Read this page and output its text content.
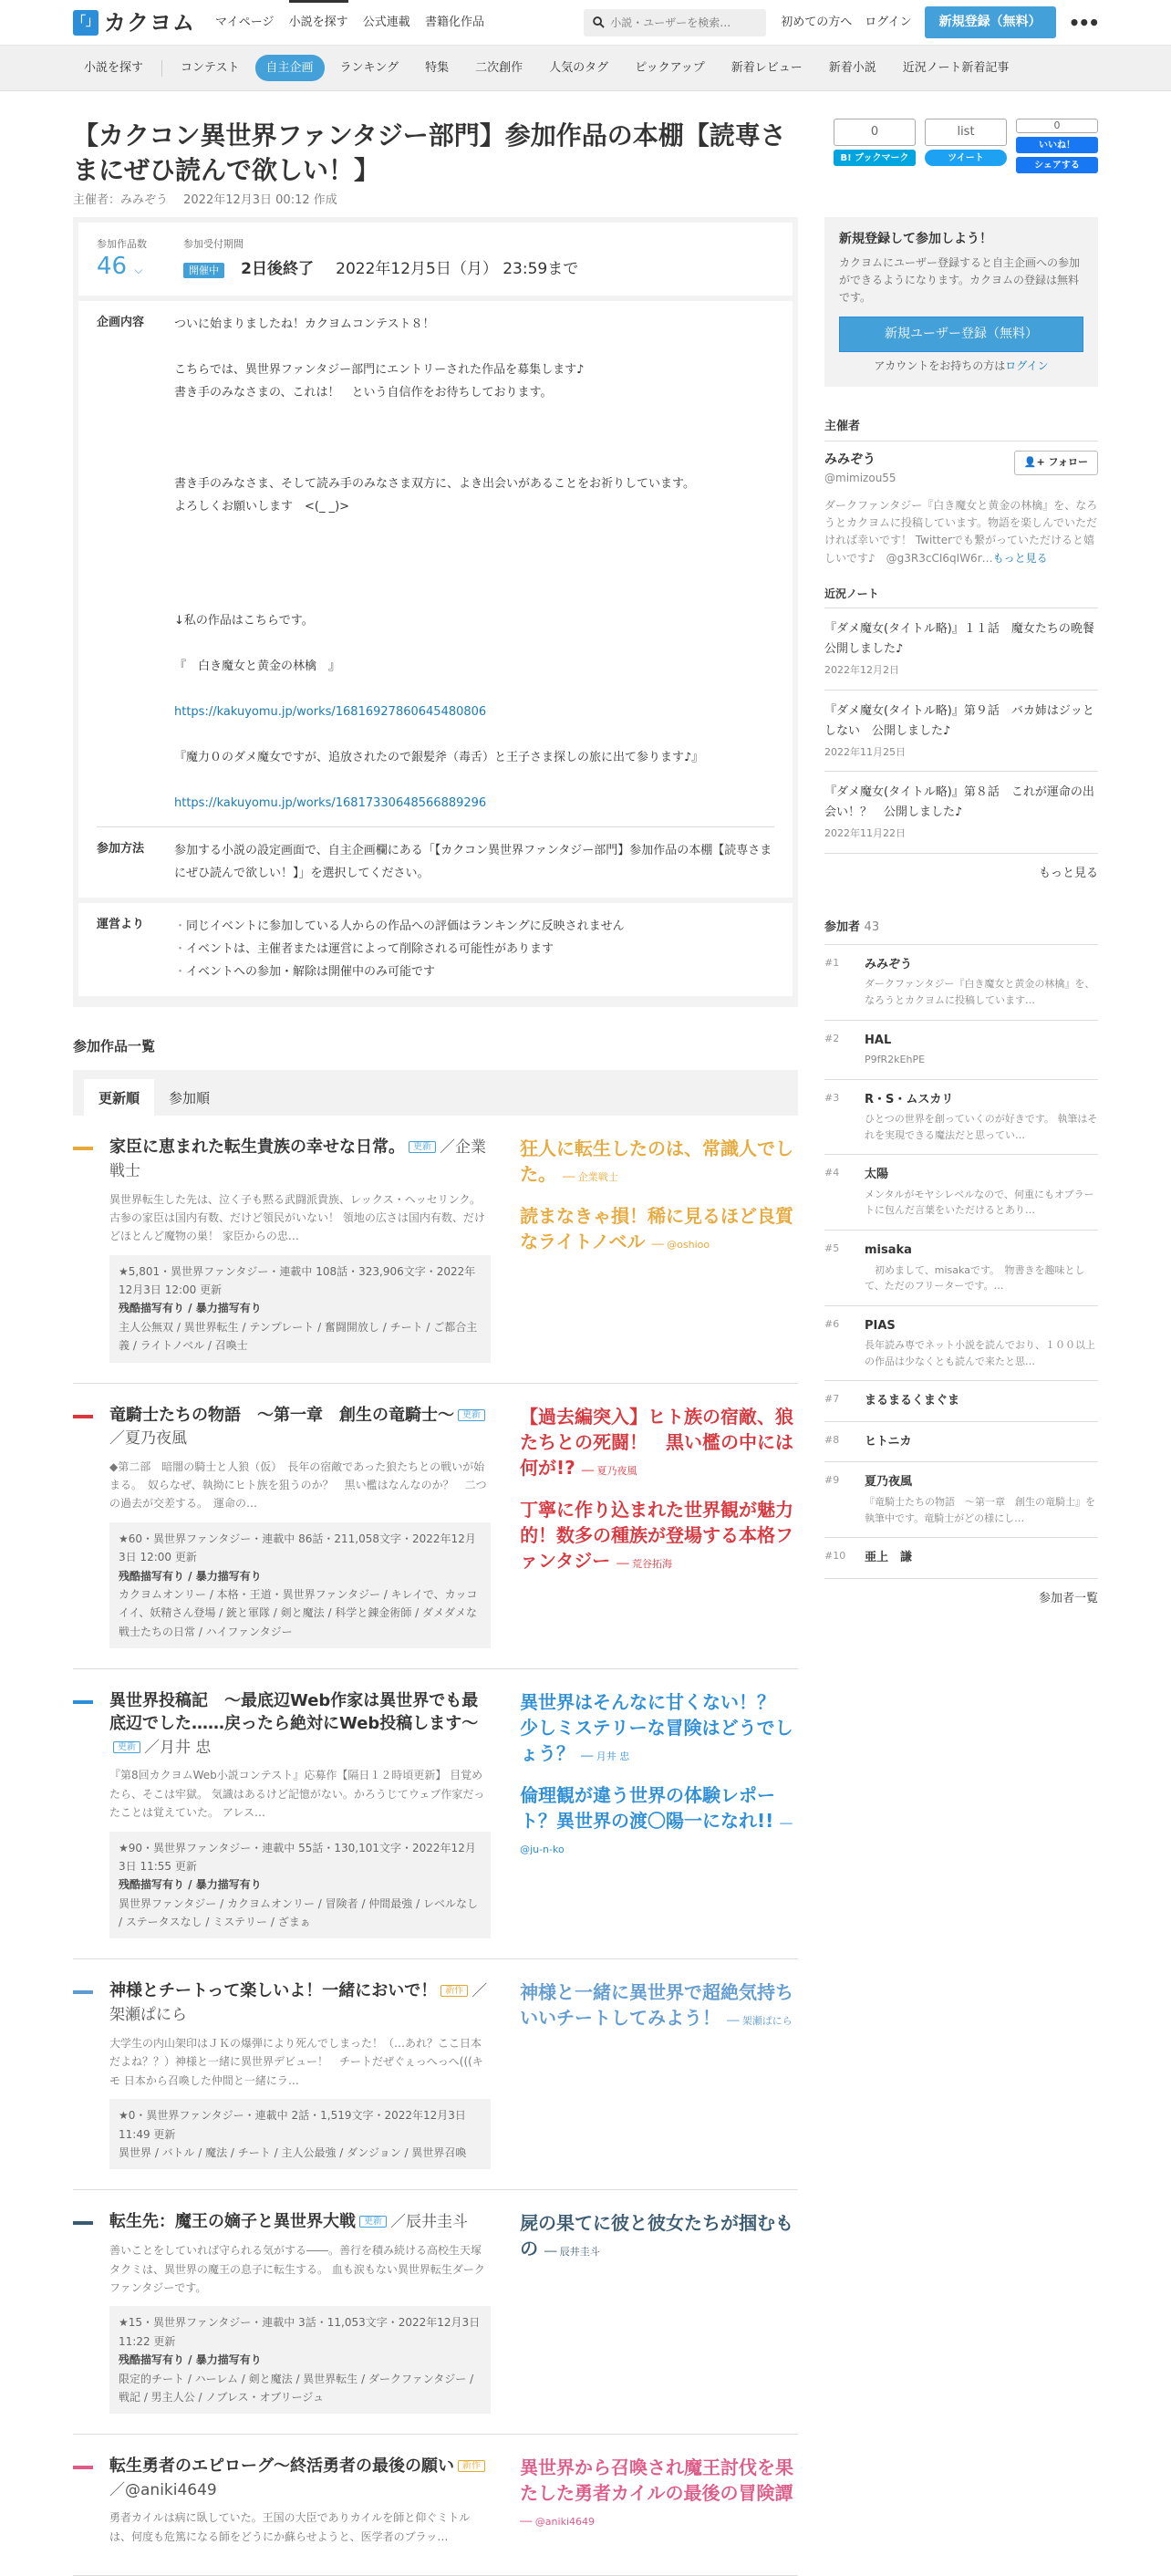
「」 カクヨム マイページ 小説を探す 公式連載 書籍化作品
小説・ユーザーを検索…	初めての方へ ログイン	新規登録（無料）	•••
小説を探す	コンテスト	自主企画	ランキング	特集	二次創作	人気のタグ	ピックアップ	新着レビュー	新着小説	近況ノート新着記事
【カクコン異世界ファンタジー部門】参加作品の本棚【読専さまにぜひ読んで欲しい！】
主催者：みみぞう　 2022年12月3日 00:12 作成
0
B! ブックマーク
list
ツイート
0
いいね！
シェアする
参加作品数
46 ⌵
参加受付期間
開催中 2日後終了 2022年12月5日（月） 23:59まで
企画内容	ついに始まりましたね！カクヨムコンテスト８！

こちらでは、異世界ファンタジー部門にエントリーされた作品を募集します♪

書き手のみなさまの、これは！　という自信作をお待ちしております。

書き手のみなさま、そして読み手のみなさま双方に、よき出会いがあることをお祈りしています。

よろしくお願いします　<(_ _)>

↓私の作品はこちらです。

『　白き魔女と黄金の林檎　』

https://kakuyomu.jp/works/16816927860645480806

『魔力０のダメ魔女ですが、追放されたので銀髪斧（毒舌）と王子さま探しの旅に出て参ります♪』

https://kakuyomu.jp/works/16817330648566889296

参加方法	参加する小説の設定画面で、自主企画欄にある「【カクコン異世界ファンタジー部門】参加作品の本棚【読専さまにぜひ読んで欲しい！】」を選択してください。
運営より
・	同じイベントに参加している人からの作品への評価はランキングに反映されません
・ イベントは、主催者または運営によって削除される可能性があります
・ イベントへの参加・解除は開催中のみ可能です
参加作品一覧
更新順	参加順
家臣に恵まれた転生貴族の幸せな日常。 更新 ／企業戦士
異世界転生した先は、泣く子も黙る武闘派貴族、レックス・ヘッセリンク。 古参の家臣は国内有数、だけど領民がいない！ 領地の広さは国内有数、だけどほとんど魔物の巣！ 家臣からの忠…
★5,801・異世界ファンタジー・連載中 108話・323,906文字・2022年12月3日 12:00 更新
残酷描写有り / 暴力描写有り
主人公無双 / 異世界転生 / テンプレート / 奮闘開放し / チート / ご都合主義 / ライトノベル / 召喚士
狂人に転生したのは、常識人でした。 ── 企業戦士
読まなきゃ損！稀に見るほど良質なライトノベル ── @oshioo
竜騎士たちの物語　〜第一章　創生の竜騎士〜 更新／夏乃夜風
◆第二部　暗闇の騎士と人狼（仮）　長年の宿敵であった狼たちとの戦いが始まる。　奴らなぜ、執拗にヒト族を狙うのか？　黒い檻はなんなのか？　二つの過去が交差する。　運命の…
★60・異世界ファンタジー・連載中 86話・211,058文字・2022年12月3日 12:00 更新
残酷描写有り / 暴力描写有り
カクヨムオンリー / 本格・王道・異世界ファンタジー / キレイで、カッコイイ、妖精さん登場 / 銃と軍隊 / 剣と魔法 / 科学と錬金術師 / ダメダメな戦士たちの日常 / ハイファンタジー
【過去編突入】ヒト族の宿敵、狼たちとの死闘！　黒い檻の中には何が!? ── 夏乃夜風
丁寧に作り込まれた世界観が魅力的！数多の種族が登場する本格ファンタジー ── 荒谷拓海
異世界投稿記　〜最底辺Web作家は異世界でも最底辺でした……戻ったら絶対にWeb投稿します〜更新 ／月井 忠
『第8回カクヨムWeb小説コンテスト』応募作【隔日１２時頃更新】 目覚めたら、そこは牢獄。 気識はあるけど記憶がない。かろうじてウェブ作家だったことは覚えていた。 アレス…
★90・異世界ファンタジー・連載中 55話・130,101文字・2022年12月3日 11:55 更新
残酷描写有り / 暴力描写有り
異世界ファンタジー / カクヨムオンリー / 冒険者 / 仲間最強 / レベルなし / ステータスなし / ミステリー / ざまぁ
異世界はそんなに甘くない！？　少しミステリーな冒険はどうでしょう？ ── 月井 忠
倫理観が違う世界の体験レポート？異世界の渡〇陽一になれ!! ── @ju-n-ko
神様とチートって楽しいよ！一緒においで！ 新作 ／架瀬ぱにら
大学生の内山架印はＪＫの爆弾により死んでしまった！（…あれ？ここ日本だよね？？）神様と一緒に異世界デビュー！　チートだぜぐぇっへっへ(((キモ 日本から召喚した仲間と一緒にラ…
★0・異世界ファンタジー・連載中 2話・1,519文字・2022年12月3日 11:49 更新
異世界 / バトル / 魔法 / チート / 主人公最強 / ダンジョン / 異世界召喚
神様と一緒に異世界で超絶気持ちいいチートしてみよう！ ── 架瀬ぱにら
転生先：魔王の嫡子と異世界大戦 更新 ／辰井圭斗
善いことをしていれば守られる気がする――。善行を積み続ける高校生天塚タクミは、異世界の魔王の息子に転生する。 血も涙もない異世界転生ダークファンタジーです。
★15・異世界ファンタジー・連載中 3話・11,053文字・2022年12月3日 11:22 更新
残酷描写有り / 暴力描写有り
限定的チート / ハーレム / 剣と魔法 / 異世界転生 / ダークファンタジー / 戦記 / 男主人公 / ノブレス・オブリージュ
屍の果てに彼と彼女たちが掴むもの ── 辰井圭斗
転生勇者のエピローグ〜終活勇者の最後の願い 新作／@aniki4649
勇者カイルは病に臥していた。王国の大臣でありカイルを師と仰ぐミトルは、何度も危篤になる師をどうにか蘇らせようと、医学者のブラッ…
異世界から召喚され魔王討伐を果たした勇者カイルの最後の冒険譚 ── @aniki4649
新規登録して参加しよう！

カクヨムにユーザー登録すると自主企画への参加ができるようになります。カクヨムの登録は無料です。

新規ユーザー登録（無料）
アカウントをお持ちの方はログイン
主催者
みみぞう
@mimizou55
👤+ フォロー
ダークファンタジー『白き魔女と黄金の林檎』を、なろうとカクヨムに投稿しています。物語を楽しんでいただければ幸いです！ Twitterでも繋がっていただけると嬉しいです♪　@g3R3cCI6qIW6r…もっと見る
近況ノート
『ダメ魔女(タイトル略)』１１話　魔女たちの晩餐　公開しました♪
2022年12月2日
『ダメ魔女(タイトル略)』第９話　バカ姉はジッとしない　公開しました♪
2022年11月25日
『ダメ魔女(タイトル略)』第８話　これが運命の出会い！？　公開しました♪
2022年11月22日
もっと見る
参加者 43
#1	みみぞう
ダークファンタジー『白き魔女と黄金の林檎』を、なろうとカクヨムに投稿しています…
#2	HAL
P9fR2kEhPE
#3	R・S・ムスカリ
ひとつの世界を創っていくのが好きです。 執筆はそれを実現できる魔法だと思ってい…
#4	太陽
メンタルがモヤシレベルなので、何重にもオブラートに包んだ言葉をいただけるとあり…
#5	misaka
　初めまして、misakaです。　物書きを趣味として、ただのフリーターです。…
#6	PIAS
長年読み専でネット小説を読んでおり、１００以上の作品は少なくとも読んで来たと思…
#7	まるまるくまぐま
#8	ヒトニカ
#9	夏乃夜風
『竜騎士たちの物語　〜第一章　創生の竜騎士』を執筆中です。竜騎士がどの様にし…
#10	亜上　謙
参加者一覧
